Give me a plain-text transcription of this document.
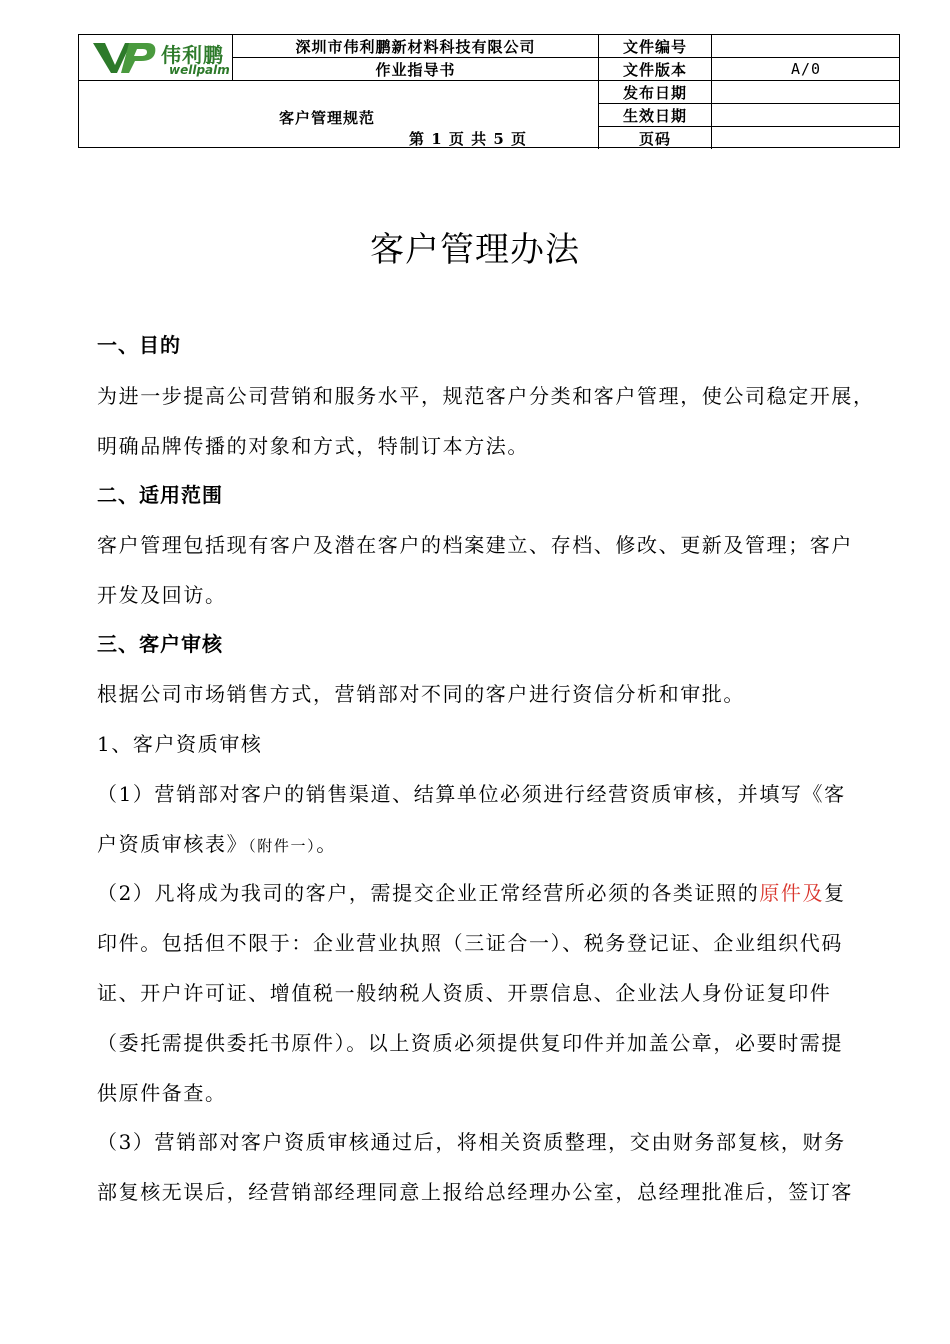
伟利鹏
wellpalm
深圳市伟利鹏新材料科技有限公司
作业指导书
客户管理规范
第 1 页 共 5 页
文件编号
文件版本
发布日期
生效日期
页码
A/0
客户管理办法
一、目的
为进一步提高公司营销和服务水平，规范客户分类和客户管理，使公司稳定开展，
明确品牌传播的对象和方式，特制订本方法。
二、适用范围
客户管理包括现有客户及潜在客户的档案建立、存档、修改、更新及管理；客户
开发及回访。
三、客户审核
根据公司市场销售方式，营销部对不同的客户进行资信分析和审批。
1、客户资质审核
（1）营销部对客户的销售渠道、结算单位必须进行经营资质审核，并填写《客
户资质审核表》（附件一）。
（2）凡将成为我司的客户，需提交企业正常经营所必须的各类证照的原件及复
印件。包括但不限于：企业营业执照（三证合一）、税务登记证、企业组织代码
证、开户许可证、增值税一般纳税人资质、开票信息、企业法人身份证复印件
（委托需提供委托书原件）。以上资质必须提供复印件并加盖公章，必要时需提
供原件备查。
（3）营销部对客户资质审核通过后，将相关资质整理，交由财务部复核，财务
部复核无误后，经营销部经理同意上报给总经理办公室，总经理批准后，签订客
